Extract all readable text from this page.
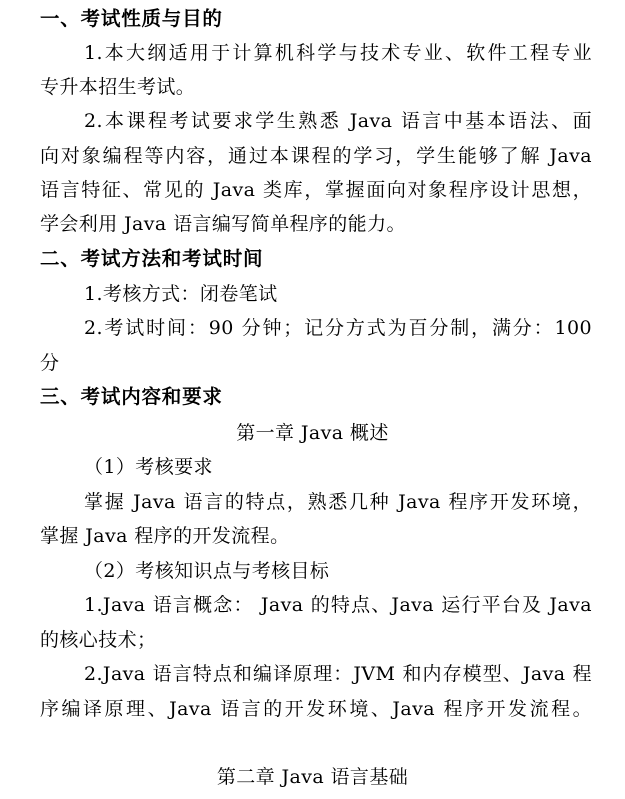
一、考试性质与目的
1.本大纲适用于计算机科学与技术专业、软件工程专业
专升本招生考试。
2.本课程考试要求学生熟悉 Java 语言中基本语法、面
向对象编程等内容，通过本课程的学习，学生能够了解 Java
语言特征、常见的 Java 类库，掌握面向对象程序设计思想，
学会利用 Java 语言编写简单程序的能力。
二、考试方法和考试时间
1.考核方式：闭卷笔试
2.考试时间：90 分钟；记分方式为百分制，满分：100
分
三、考试内容和要求
第一章 Java 概述
（1）考核要求
掌握 Java 语言的特点，熟悉几种 Java 程序开发环境，
掌握 Java 程序的开发流程。
（2）考核知识点与考核目标
1.Java 语言概念： Java 的特点、Java 运行平台及 Java
的核心技术；
2.Java 语言特点和编译原理：JVM 和内存模型、Java 程
序编译原理、Java 语言的开发环境、Java 程序开发流程。
第二章 Java 语言基础
